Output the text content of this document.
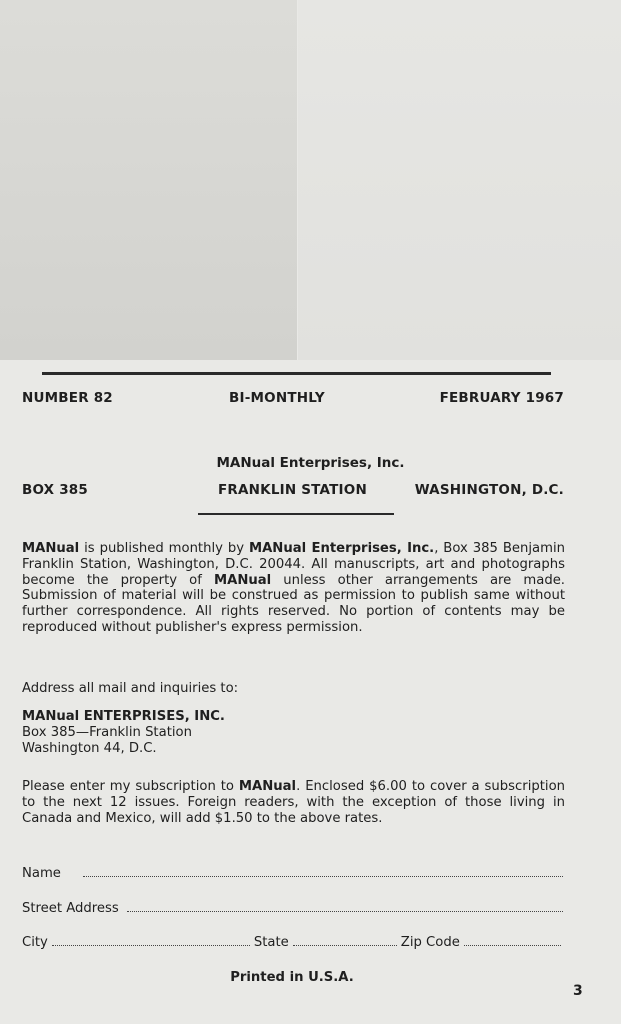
NUMBER 82	BI-MONTHLY	FEBRUARY 1967
MANual Enterprises, Inc.
BOX 385	FRANKLIN STATION	WASHINGTON, D.C.
MANual is published monthly by MANual Enterprises, Inc., Box 385 Benjamin Franklin Station, Washington, D.C. 20044. All manuscripts, art and photographs become the property of MANual unless other arrangements are made. Submission of material will be construed as permission to publish same without further correspondence. All rights reserved. No portion of contents may be reproduced without publisher's express permission.
Address all mail and inquiries to:
MANual ENTERPRISES, INC.
Box 385—Franklin Station
Washington 44, D.C.
Please enter my subscription to MANual. Enclosed $6.00 to cover a subscription to the next 12 issues. Foreign readers, with the exception of those living in Canada and Mexico, will add $1.50 to the above rates.
Name
Street Address
City	State	Zip Code
Printed in U.S.A.
3
